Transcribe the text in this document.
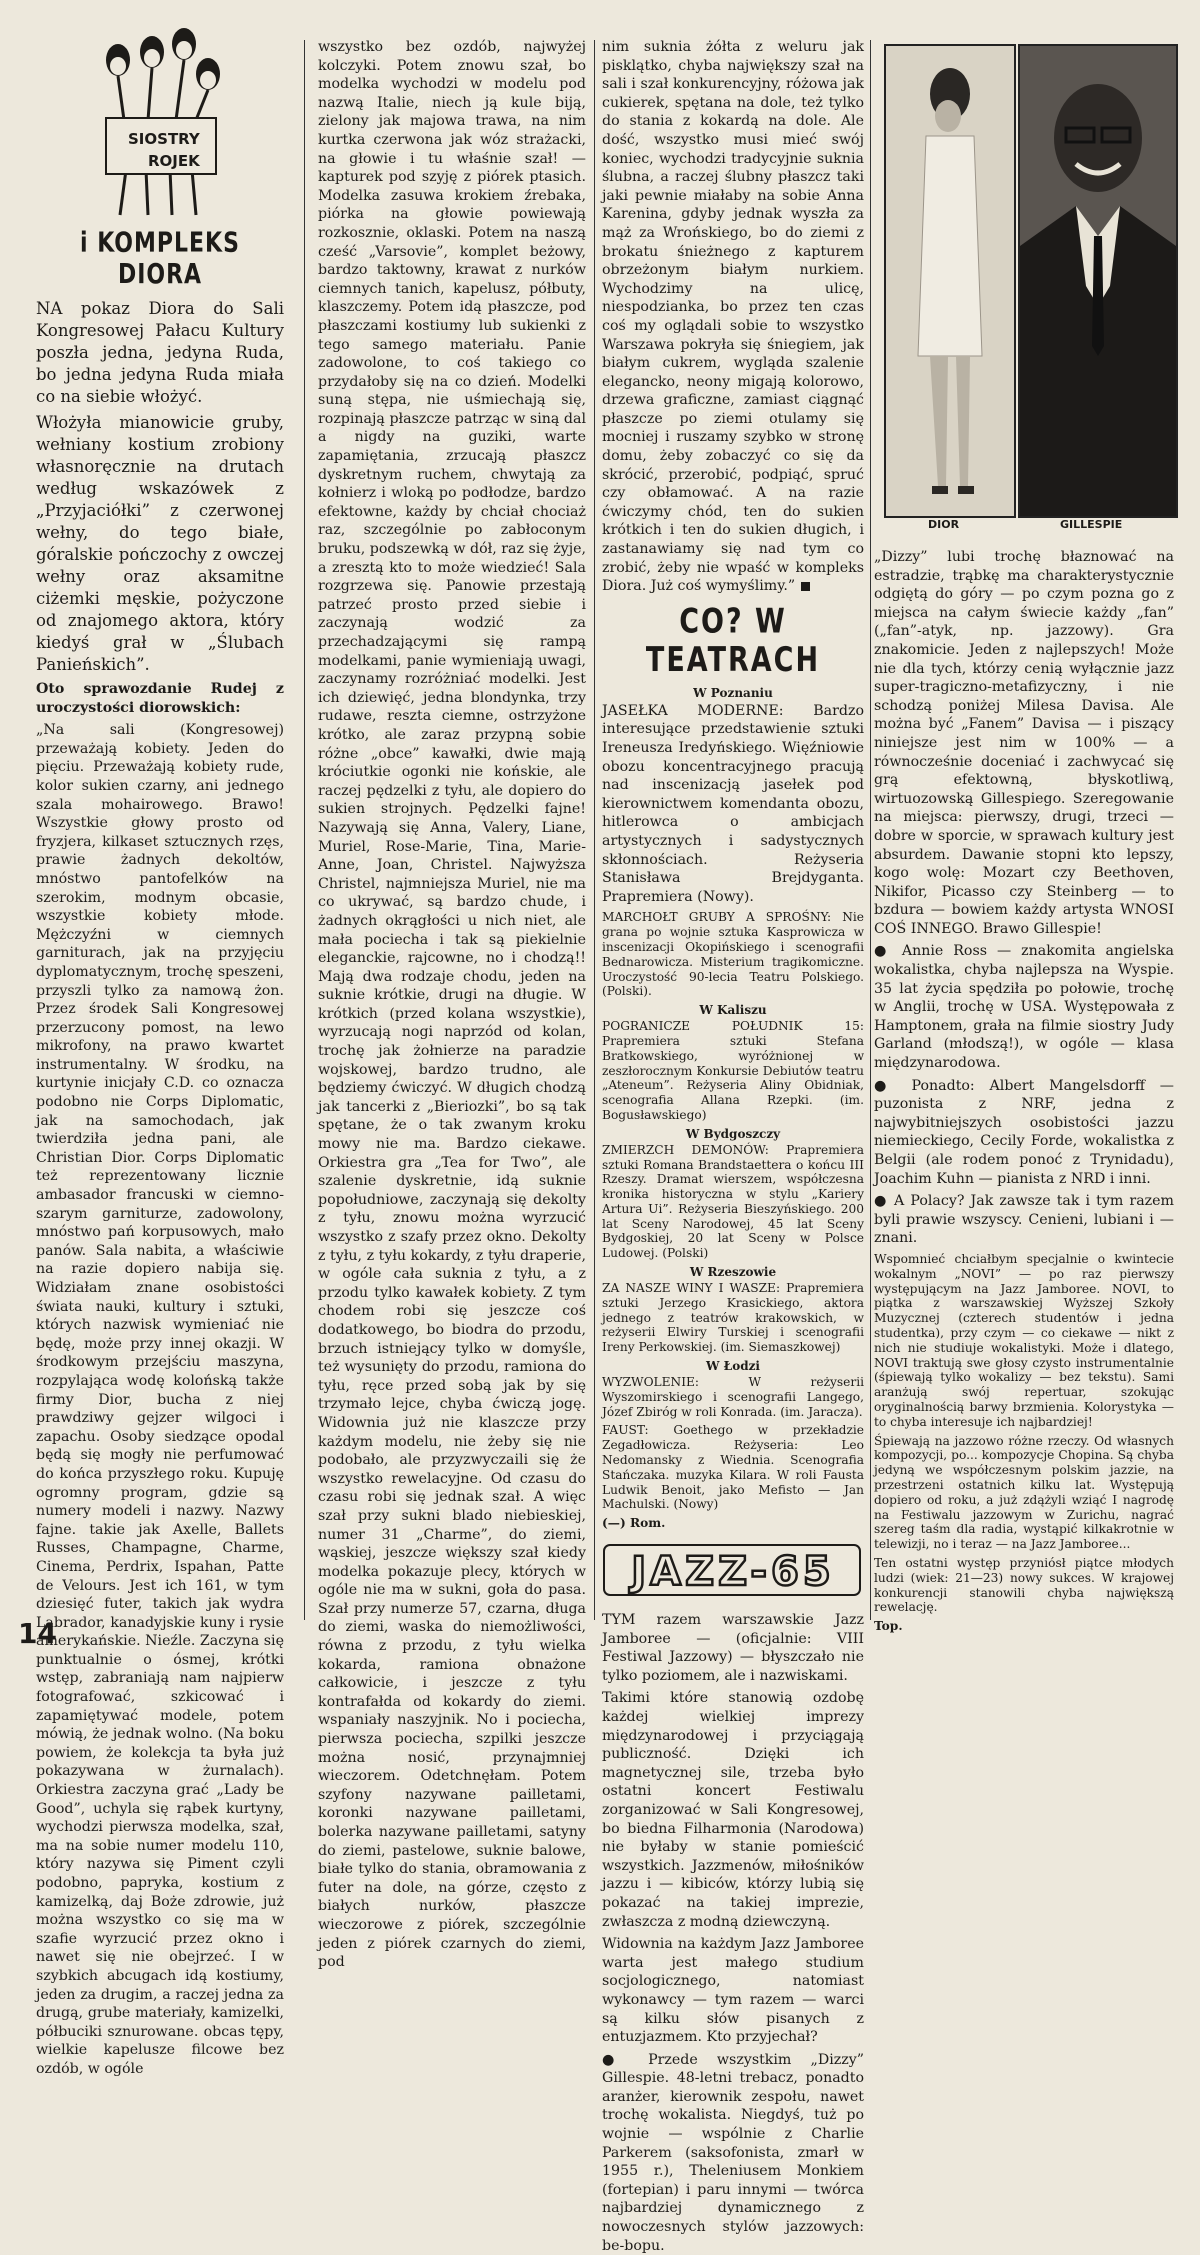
SIOSTRY
ROJEK
i KOMPLEKS DIORA

NA pokaz Diora do Sali Kongresowej Pałacu Kultury poszła jedna, jedyna Ruda, bo jedna jedyna Ruda miała co na siebie włożyć.

Włożyła mianowicie gruby, wełniany kostium zrobiony własnoręcznie na drutach według wskazówek z „Przyjaciółki” z czerwonej wełny, do tego białe, góralskie pończochy z owczej wełny oraz aksamitne ciżemki męskie, pożyczone od znajomego aktora, który kiedyś grał w „Ślubach Panieńskich”.

Oto sprawozdanie Rudej z uroczystości diorowskich:

„Na sali (Kongresowej) przeważają kobiety. Jeden do pięciu. Przeważają kobiety rude, kolor sukien czarny, ani jednego szala mohairowego. Brawo! Wszystkie głowy prosto od fryzjera, kilkaset sztucznych rzęs, prawie żadnych dekoltów, mnóstwo pantofelków na szerokim, modnym obcasie, wszystkie kobiety młode. Mężczyźni w ciemnych garniturach, jak na przyjęciu dyplomatycznym, trochę speszeni, przyszli tylko za namową żon. Przez środek Sali Kongresowej przerzucony pomost, na lewo mikrofony, na prawo kwartet instrumentalny. W środku, na kurtynie inicjały C.D. co oznacza podobno nie Corps Diplomatic, jak na samochodach, jak twierdziła jedna pani, ale Christian Dior. Corps Diplomatic też reprezentowany licznie ambasador francuski w ciemno-szarym garniturze, zadowolony, mnóstwo pań korpusowych, mało panów. Sala nabita, a właściwie na razie dopiero nabija się. Widziałam znane osobistości świata nauki, kultury i sztuki, których nazwisk wymieniać nie będę, może przy innej okazji. W środkowym przejściu maszyna, rozpylająca wodę kolońską także firmy Dior, bucha z niej prawdziwy gejzer wilgoci i zapachu. Osoby siedzące opodal będą się mogły nie perfumować do końca przyszłego roku. Kupuję ogromny program, gdzie są numery modeli i nazwy. Nazwy fajne. takie jak Axelle, Ballets Russes, Champagne, Charme, Cinema, Perdrix, Ispahan, Patte de Velours. Jest ich 161, w tym dziesięć futer, takich jak wydra Labrador, kanadyjskie kuny i rysie amerykańskie. Nieźle. Zaczyna się punktualnie o ósmej, krótki wstęp, zabraniają nam najpierw fotografować, szkicować i zapamiętywać modele, potem mówią, że jednak wolno. (Na boku powiem, że kolekcja ta była już pokazywana w żurnalach). Orkiestra zaczyna grać „Lady be Good”, uchyla się rąbek kurtyny, wychodzi pierwsza modelka, szał, ma na sobie numer modelu 110, który nazywa się Piment czyli podobno, papryka, kostium z kamizelką, daj Boże zdrowie, już można wszystko co się ma w szafie wyrzucić przez okno i nawet się nie obejrzeć. I w szybkich abcugach idą kostiumy, jeden za drugim, a raczej jedna za drugą, grube materiały, kamizelki, półbuciki sznurowane. obcas tępy, wielkie kapelusze filcowe bez ozdób, w ogóle

wszystko bez ozdób, najwyżej kolczyki. Potem znowu szał, bo modelka wychodzi w modelu pod nazwą Italie, niech ją kule biją, zielony jak majowa trawa, na nim kurtka czerwona jak wóz strażacki, na głowie i tu właśnie szał! — kapturek pod szyję z piórek ptasich. Modelka zasuwa krokiem źrebaka, piórka na głowie powiewają rozkosznie, oklaski. Potem na naszą cześć „Varsovie”, komplet beżowy, bardzo taktowny, krawat z nurków ciemnych tanich, kapelusz, półbuty, klaszczemy. Potem idą płaszcze, pod płaszczami kostiumy lub sukienki z tego samego materiału. Panie zadowolone, to coś takiego co przydałoby się na co dzień. Modelki suną stępa, nie uśmiechają się, rozpinają płaszcze patrząc w siną dal a nigdy na guziki, warte zapamiętania, zrzucają płaszcz dyskretnym ruchem, chwytają za kołnierz i wloką po podłodze, bardzo efektowne, każdy by chciał chociaż raz, szczególnie po zabłoconym bruku, podszewką w dół, raz się żyje, a zresztą kto to może wiedzieć! Sala rozgrzewa się. Panowie przestają patrzeć prosto przed siebie i zaczynają wodzić za przechadzającymi się rampą modelkami, panie wymieniają uwagi, zaczynamy rozróżniać modelki. Jest ich dziewięć, jedna blondynka, trzy rudawe, reszta ciemne, ostrzyżone krótko, ale zaraz przypną sobie różne „obce” kawałki, dwie mają króciutkie ogonki nie końskie, ale raczej pędzelki z tyłu, ale dopiero do sukien strojnych. Pędzelki fajne! Nazywają się Anna, Valery, Liane, Muriel, Rose-Marie, Tina, Marie-Anne, Joan, Christel. Najwyższa Christel, najmniejsza Muriel, nie ma co ukrywać, są bardzo chude, i żadnych okrągłości u nich niet, ale mała pociecha i tak są piekielnie eleganckie, rajcowne, no i chodzą!! Mają dwa rodzaje chodu, jeden na suknie krótkie, drugi na długie. W krótkich (przed kolana wszystkie), wyrzucają nogi naprzód od kolan, trochę jak żołnierze na paradzie wojskowej, bardzo trudno, ale będziemy ćwiczyć. W długich chodzą jak tancerki z „Bieriozki”, bo są tak spętane, że o tak zwanym kroku mowy nie ma. Bardzo ciekawe. Orkiestra gra „Tea for Two”, ale szalenie dyskretnie, idą suknie popołudniowe, zaczynają się dekolty z tyłu, znowu można wyrzucić wszystko z szafy przez okno. Dekolty z tyłu, z tyłu kokardy, z tyłu draperie, w ogóle cała suknia z tyłu, a z przodu tylko kawałek kobiety. Z tym chodem robi się jeszcze coś dodatkowego, bo biodra do przodu, brzuch istniejący tylko w domyśle, też wysunięty do przodu, ramiona do tyłu, ręce przed sobą jak by się trzymało lejce, chyba ćwiczą jogę. Widownia już nie klaszcze przy każdym modelu, nie żeby się nie podobało, ale przyzwyczaili się że wszystko rewelacyjne. Od czasu do czasu robi się jednak szał. A więc szał przy sukni blado niebieskiej, numer 31 „Charme”, do ziemi, wąskiej, jeszcze większy szał kiedy modelka pokazuje plecy, których w ogóle nie ma w sukni, goła do pasa. Szał przy numerze 57, czarna, długa do ziemi, waska do niemożliwości, równa z przodu, z tyłu wielka kokarda, ramiona obnażone całkowicie, i jeszcze z tyłu kontrafałda od kokardy do ziemi. wspaniały naszyjnik. No i pociecha, pierwsza pociecha, szpilki jeszcze można nosić, przynajmniej wieczorem. Odetchnęłam. Potem szyfony nazywane pailletami, koronki nazywane pailletami, bolerka nazywane pailletami, satyny do ziemi, pastelowe, suknie balowe, białe tylko do stania, obramowania z futer na dole, na górze, często z białych nurków, płaszcze wieczorowe z piórek, szczególnie jeden z piórek czarnych do ziemi, pod

nim suknia żółta z weluru jak pisklątko, chyba największy szał na sali i szał konkurencyjny, różowa jak cukierek, spętana na dole, też tylko do stania z kokardą na dole. Ale dość, wszystko musi mieć swój koniec, wychodzi tradycyjnie suknia ślubna, a raczej ślubny płaszcz taki jaki pewnie miałaby na sobie Anna Karenina, gdyby jednak wyszła za mąż za Wrońskiego, bo do ziemi z brokatu śnieżnego z kapturem obrzeżonym białym nurkiem. Wychodzimy na ulicę, niespodzianka, bo przez ten czas coś my oglądali sobie to wszystko Warszawa pokryła się śniegiem, jak białym cukrem, wygląda szalenie elegancko, neony migają kolorowo, drzewa graficzne, zamiast ciągnąć płaszcze po ziemi otulamy się mocniej i ruszamy szybko w stronę domu, żeby zobaczyć co się da skrócić, przerobić, podpiąć, spruć czy obłamować. A na razie ćwiczymy chód, ten do sukien krótkich i ten do sukien długich, i zastanawiamy się nad tym co zrobić, żeby nie wpaść w kompleks Diora. Już coś wymyślimy.”

CO? W TEATRACH
W Poznaniu

JASEŁKA MODERNE: Bardzo interesujące przedstawienie sztuki Ireneusza Iredyńskiego. Więźniowie obozu koncentracyjnego pracują nad inscenizacją jasełek pod kierownictwem komendanta obozu, hitlerowca o ambicjach artystycznych i sadystycznych skłonnościach. Reżyseria Stanisława Brejdyganta. Prapremiera (Nowy).

MARCHOŁT GRUBY A SPROŚNY: Nie grana po wojnie sztuka Kasprowicza w inscenizacji Okopińskiego i scenografii Bednarowicza. Misterium tragikomiczne. Uroczystość 90-lecia Teatru Polskiego. (Polski).

W Kaliszu

POGRANICZE POŁUDNIK 15: Prapremiera sztuki Stefana Bratkowskiego, wyróżnionej w zeszłorocznym Konkursie Debiutów teatru „Ateneum”. Reżyseria Aliny Obidniak, scenografia Allana Rzepki. (im. Bogusławskiego)

W Bydgoszczy

ZMIERZCH DEMONÓW: Prapremiera sztuki Romana Brandstaettera o końcu III Rzeszy. Dramat wierszem, współczesna kronika historyczna w stylu „Kariery Artura Ui”. Reżyseria Bieszyńskiego. 200 lat Sceny Narodowej, 45 lat Sceny Bydgoskiej, 20 lat Sceny w Polsce Ludowej. (Polski)

W Rzeszowie

ZA NASZE WINY I WASZE: Prapremiera sztuki Jerzego Krasickiego, aktora jednego z teatrów krakowskich, w reżyserii Elwiry Turskiej i scenografii Ireny Perkowskiej. (im. Siemaszkowej)

W Łodzi

WYZWOLENIE: W reżyserii Wyszomirskiego i scenografii Langego, Józef Zbiróg w roli Konrada. (im. Jaracza).

FAUST: Goethego w przekładzie Zegadłowicza. Reżyseria: Leo Nedomansky z Wiednia. Scenografia Stańczaka. muzyka Kilara. W roli Fausta Ludwik Benoit, jako Mefisto — Jan Machulski. (Nowy)

(—) Rom.

JAZZ-65

TYM razem warszawskie Jazz Jamboree — (oficjalnie: VIII Festiwal Jazzowy) — błyszczało nie tylko poziomem, ale i nazwiskami.

Takimi które stanowią ozdobę każdej wielkiej imprezy międzynarodowej i przyciągają publiczność. Dzięki ich magnetycznej sile, trzeba było ostatni koncert Festiwalu zorganizować w Sali Kongresowej, bo biedna Filharmonia (Narodowa) nie byłaby w stanie pomieścić wszystkich. Jazzmenów, miłośników jazzu i — kibiców, którzy lubią się pokazać na takiej imprezie, zwłaszcza z modną dziewczyną.

Widownia na każdym Jazz Jamboree warta jest małego studium socjologicznego, natomiast wykonawcy — tym razem — warci są kilku słów pisanych z entuzjazmem. Kto przyjechał?

● Przede wszystkim „Dizzy” Gillespie. 48-letni trebacz, ponadto aranżer, kierownik zespołu, nawet trochę wokalista. Niegdyś, tuż po wojnie — wspólnie z Charlie Parkerem (saksofonista, zmarł w 1955 r.), Theleniusem Monkiem (fortepian) i paru innymi — twórca najbardziej dynamicznego z nowoczesnych stylów jazzowych: be-bopu.

DIOR	GILLESPIE

„Dizzy” lubi trochę błaznować na estradzie, trąbkę ma charakterystycznie odgiętą do góry — po czym pozna go z miejsca na całym świecie każdy „fan” („fan”-atyk, np. jazzowy). Gra znakomicie. Jeden z najlepszych! Może nie dla tych, którzy cenią wyłącznie jazz super-tragiczno-metafizyczny, i nie schodzą poniżej Milesa Davisa. Ale można być „Fanem” Davisa — i piszący niniejsze jest nim w 100% — a równocześnie doceniać i zachwycać się grą efektowną, błyskotliwą, wirtuozowską Gillespiego. Szeregowanie na miejsca: pierwszy, drugi, trzeci — dobre w sporcie, w sprawach kultury jest absurdem. Dawanie stopni kto lepszy, kogo wolę: Mozart czy Beethoven, Nikifor, Picasso czy Steinberg — to bzdura — bowiem każdy artysta WNOSI COŚ INNEGO. Brawo Gillespie!

● Annie Ross — znakomita angielska wokalistka, chyba najlepsza na Wyspie. 35 lat życia spędziła po połowie, trochę w Anglii, trochę w USA. Występowała z Hamptonem, grała na filmie siostry Judy Garland (młodszą!), w ogóle — klasa międzynarodowa.

● Ponadto: Albert Mangelsdorff — puzonista z NRF, jedna z najwybitniejszych osobistości jazzu niemieckiego, Cecily Forde, wokalistka z Belgii (ale rodem ponoć z Trynidadu), Joachim Kuhn — pianista z NRD i inni.

● A Polacy? Jak zawsze tak i tym razem byli prawie wszyscy. Cenieni, lubiani i — znani.

Wspomnieć chciałbym specjalnie o kwintecie wokalnym „NOVI” — po raz pierwszy występującym na Jazz Jamboree. NOVI, to piątka z warszawskiej Wyższej Szkoły Muzycznej (czterech studentów i jedna studentka), przy czym — co ciekawe — nikt z nich nie studiuje wokalistyki. Może i dlatego, NOVI traktują swe głosy czysto instrumentalnie (śpiewają tylko wokalizy — bez tekstu). Sami aranżują swój repertuar, szokując oryginalnością barwy brzmienia. Kolorystyka — to chyba interesuje ich najbardziej!

Śpiewają na jazzowo różne rzeczy. Od własnych kompozycji, po... kompozycje Chopina. Są chyba jedyną we współczesnym polskim jazzie, na przestrzeni ostatnich kilku lat. Występują dopiero od roku, a już zdążyli wziąć I nagrodę na Festiwalu jazzowym w Zurichu, nagrać szereg taśm dla radia, wystąpić kilkakrotnie w telewizji, no i teraz — na Jazz Jamboree...

Ten ostatni występ przyniósł piątce młodych ludzi (wiek: 21—23) nowy sukces. W krajowej konkurencji stanowili chyba największą rewelację.

Top.

14
